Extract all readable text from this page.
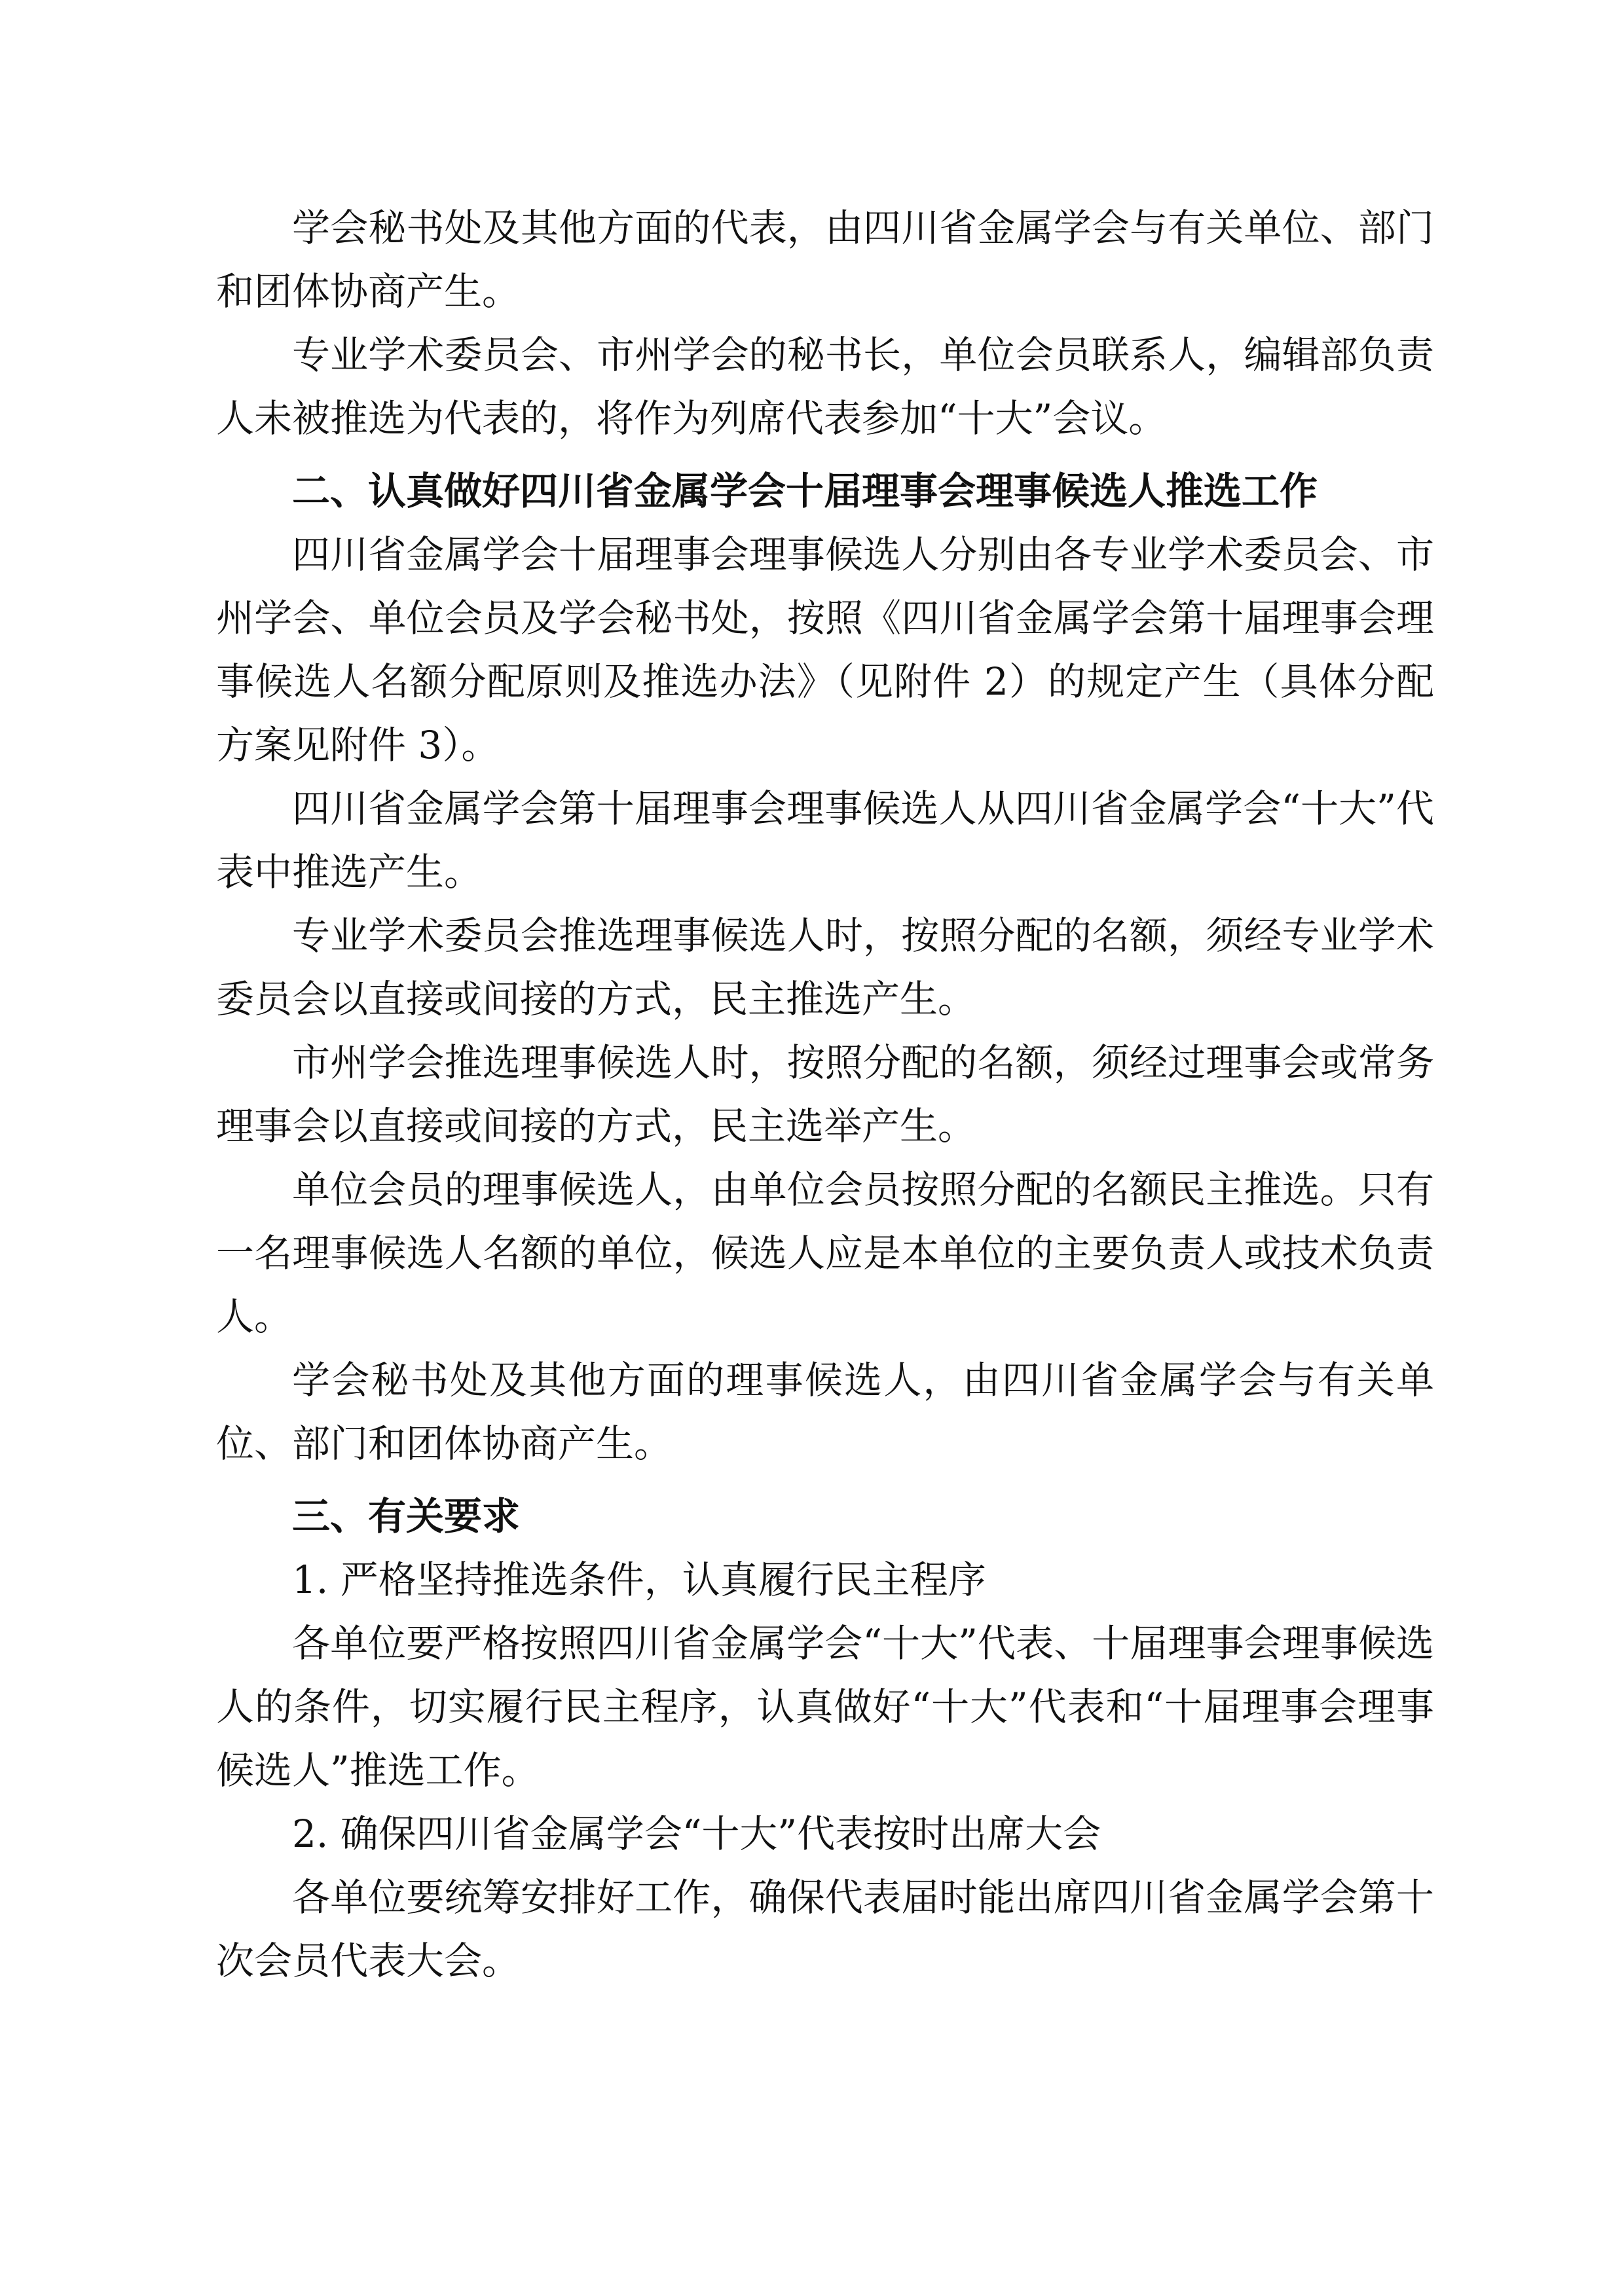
学会秘书处及其他方面的代表，由四川省金属学会与有关单位、部门和团体协商产生。

专业学术委员会、市州学会的秘书长，单位会员联系人，编辑部负责人未被推选为代表的，将作为列席代表参加“十大”会议。

二、认真做好四川省金属学会十届理事会理事候选人推选工作

四川省金属学会十届理事会理事候选人分别由各专业学术委员会、市州学会、单位会员及学会秘书处，按照《四川省金属学会第十届理事会理事候选人名额分配原则及推选办法》（见附件 2）的规定产生（具体分配方案见附件 3）。

四川省金属学会第十届理事会理事候选人从四川省金属学会“十大”代表中推选产生。

专业学术委员会推选理事候选人时，按照分配的名额，须经专业学术委员会以直接或间接的方式，民主推选产生。

市州学会推选理事候选人时，按照分配的名额，须经过理事会或常务理事会以直接或间接的方式，民主选举产生。

单位会员的理事候选人，由单位会员按照分配的名额民主推选。只有一名理事候选人名额的单位，候选人应是本单位的主要负责人或技术负责人。

学会秘书处及其他方面的理事候选人，由四川省金属学会与有关单位、部门和团体协商产生。

三、有关要求

1. 严格坚持推选条件，认真履行民主程序

各单位要严格按照四川省金属学会“十大”代表、十届理事会理事候选人的条件，切实履行民主程序，认真做好“十大”代表和“十届理事会理事候选人”推选工作。

2. 确保四川省金属学会“十大”代表按时出席大会

各单位要统筹安排好工作，确保代表届时能出席四川省金属学会第十次会员代表大会。
